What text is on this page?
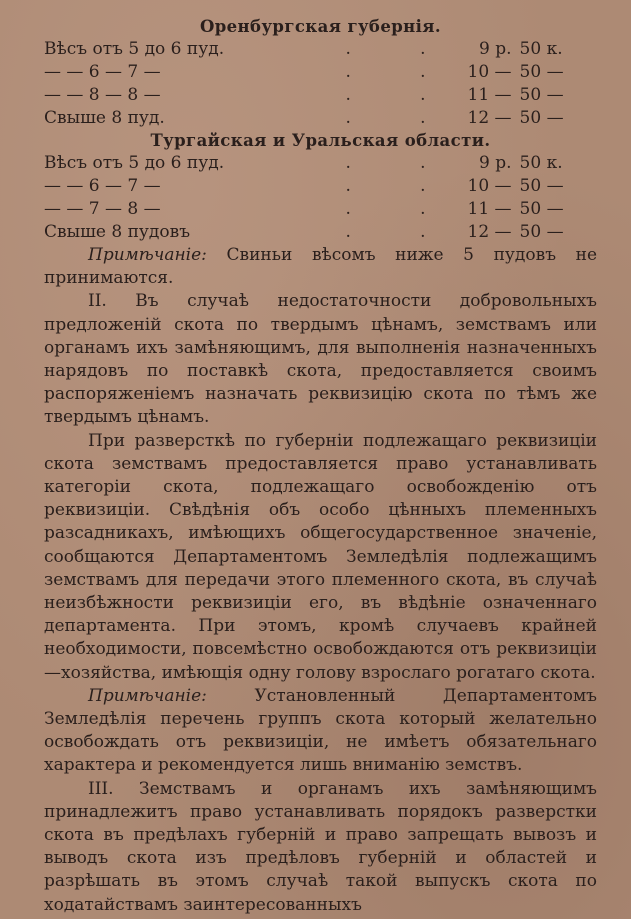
Оренбургская губернія.
Вѣсъ отъ 5 до 6 пуд.	.	.	9 р.	50 к.
— — 6 — 7 —	.	.	10 —	50 —
— — 8 — 8 —	.	.	11 —	50 —
Свыше 8 пуд.	.	.	12 —	50 —
Тургайская и Уральская области.
Вѣсъ отъ 5 до 6 пуд.	.	.	9 р.	50 к.
— — 6 — 7 —	.	.	10 —	50 —
— — 7 — 8 —	.	.	11 —	50 —
Свыше 8 пудовъ	.	.	12 —	50 —

Примѣчаніе: Свиньи вѣсомъ ниже 5 пудовъ не принимаются.

II. Въ случаѣ недостаточности добровольныхъ предложеній скота по твердымъ цѣнамъ, земствамъ или органамъ ихъ замѣняющимъ, для выполненія назначенныхъ нарядовъ по поставкѣ скота, предоставляется своимъ распоряженіемъ назначать реквизицію скота по тѣмъ же твердымъ цѣнамъ.

При разверсткѣ по губерніи подлежащаго реквизиціи скота земствамъ предоставляется право устанавливать категоріи скота, подлежащаго освобожденію отъ реквизиціи. Свѣдѣнія объ особо цѣнныхъ племенныхъ разсадникахъ, имѣющихъ общегосударственное значеніе, сообщаются Департаментомъ Земледѣлія подлежащимъ земствамъ для передачи этого племенного скота, въ случаѣ неизбѣжности реквизиціи его, въ вѣдѣніе означеннаго департамента. При этомъ, кромѣ случаевъ крайней необходимости, повсемѣстно освобождаются отъ реквизиціи—хозяйства, имѣющія одну голову взрослаго рогатаго скота.

Примѣчаніе:	Установленный Департаментомъ Земледѣлія перечень группъ скота который желательно освобождать отъ реквизиціи, не имѣетъ обязательнаго характера и рекомендуется лишь вниманію земствъ.

III. Земствамъ и органамъ ихъ замѣняющимъ принадлежитъ право устанавливать порядокъ разверстки скота въ предѣлахъ губерній и право запрещать вывозъ и выводъ скота изъ предѣловъ губерній и областей и разрѣшать въ этомъ случаѣ такой выпускъ скота по ходатайствамъ заинтересованныхъ
